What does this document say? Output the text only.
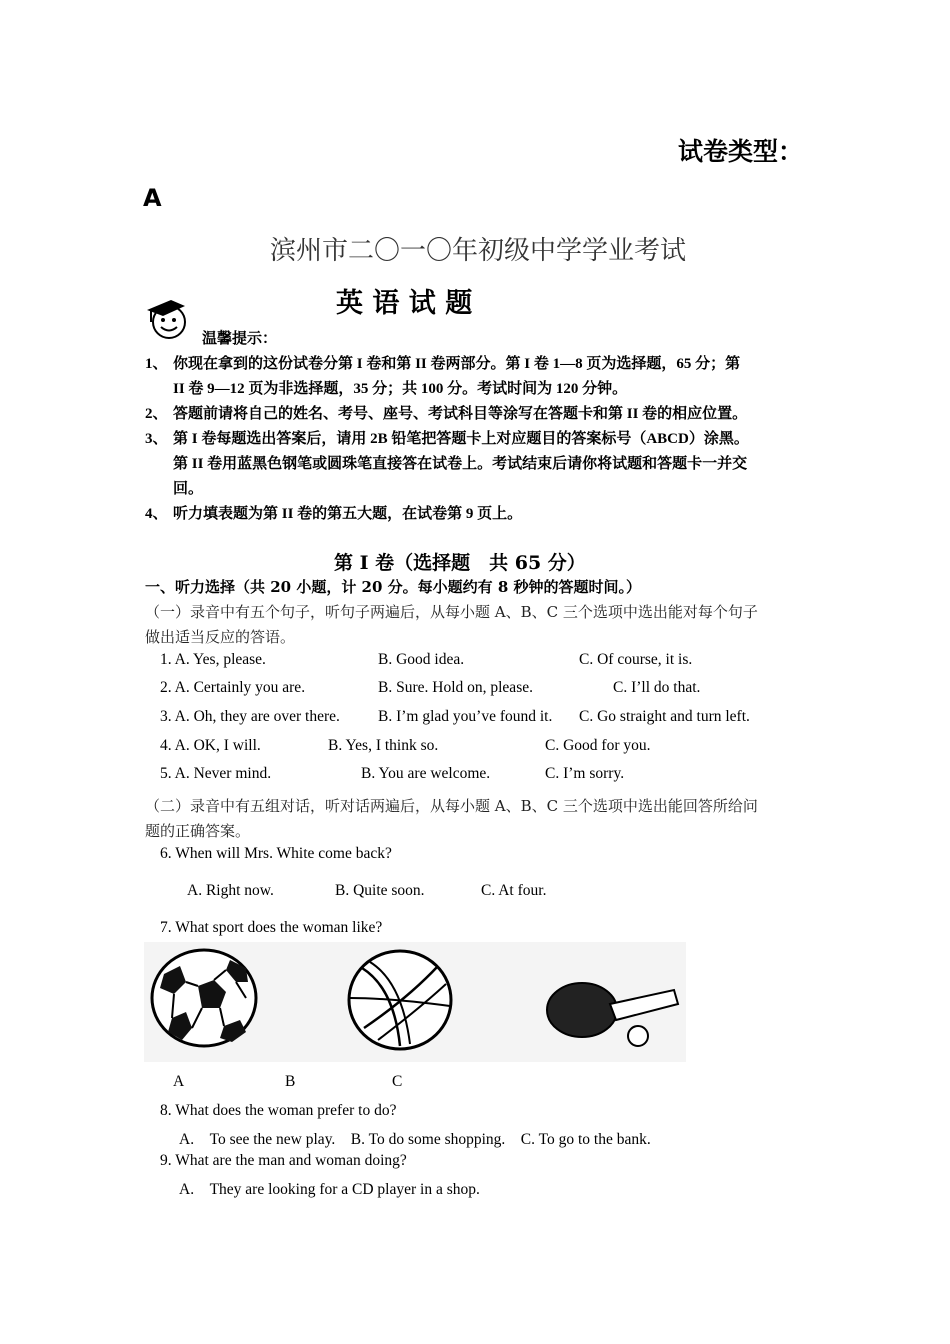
试卷类型：
A
滨州市二〇一〇年初级中学学业考试
英 语 试 题
温馨提示：
1、 你现在拿到的这份试卷分第 I 卷和第 II 卷两部分。第 I 卷 1—8 页为选择题，65 分；第
II 卷 9—12 页为非选择题，35 分；共 100 分。考试时间为 120 分钟。
2、 答题前请将自己的姓名、考号、座号、考试科目等涂写在答题卡和第 II 卷的相应位置。
3、 第 I 卷每题选出答案后，请用 2B 铅笔把答题卡上对应题目的答案标号（ABCD）涂黑。
第 II 卷用蓝黑色钢笔或圆珠笔直接答在试卷上。考试结束后请你将试题和答题卡一并交
回。
4、 听力填表题为第 II 卷的第五大题，在试卷第 9 页上。
第 I 卷（选择题　共 65 分）
一、听力选择（共 20 小题，计 20 分。每小题约有 8 秒钟的答题时间。）
（一）录音中有五个句子，听句子两遍后，从每小题 A、B、C 三个选项中选出能对每个句子
做出适当反应的答语。
1. A. Yes, please.	B. Good idea.	C. Of course, it is.
2. A. Certainly you are.	B. Sure. Hold on, please.	C. I’ll do that.
3. A. Oh, they are over there. B. I’m glad you’ve found it. C. Go straight and turn left.
4. A. OK, I will.	B. Yes, I think so.	C. Good for you.
5. A. Never mind.	B. You are welcome.	C. I’m sorry.
（二）录音中有五组对话，听对话两遍后，从每小题 A、B、C 三个选项中选出能回答所给问
题的正确答案。
6. When will Mrs. White come back?
A. Right now.	B. Quite soon.	C. At four.
7. What sport does the woman like?
A	B	C
8. What does the woman prefer to do?
A.　To see the new play.　B. To do some shopping.　C. To go to the bank.
9. What are the man and woman doing?
A.　They are looking for a CD player in a shop.
